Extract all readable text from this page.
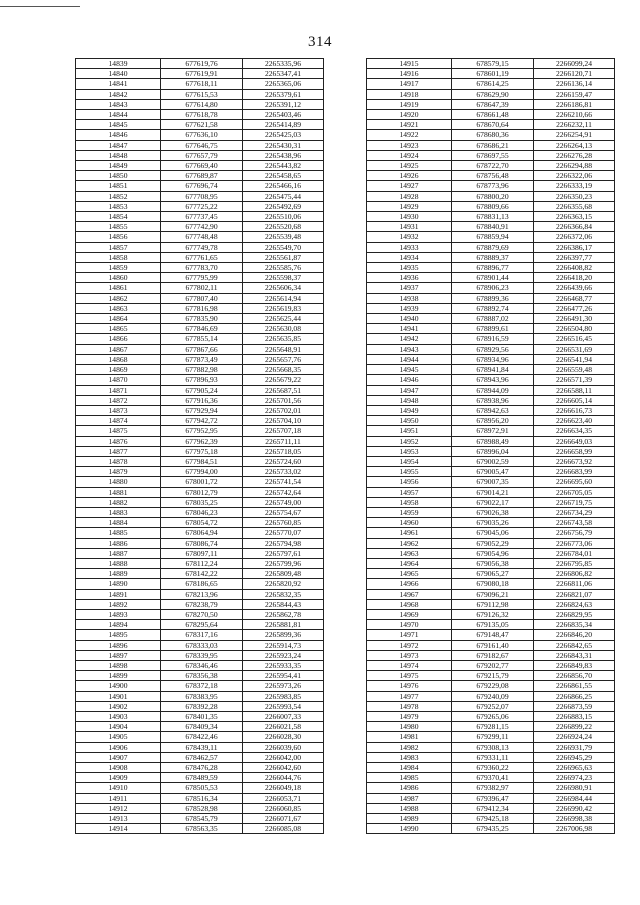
314
14839	677619,76	2265335,96
14840	677619,91	2265347,41
14841	677618,11	2265365,06
14842	677615,53	2265379,61
14843	677614,80	2265391,12
14844	677618,78	2265403,46
14845	677621,58	2265414,89
14846	677636,10	2265425,03
14847	677646,75	2265430,31
14848	677657,79	2265438,96
14849	677669,40	2265443,82
14850	677689,87	2265458,65
14851	677696,74	2265466,16
14852	677708,95	2265475,44
14853	677725,22	2265492,69
14854	677737,45	2265510,06
14855	677742,90	2265520,68
14856	677748,48	2265539,48
14857	677749,78	2265549,70
14858	677761,65	2265561,87
14859	677783,70	2265585,76
14860	677795,99	2265598,37
14861	677802,11	2265606,34
14862	677807,40	2265614,94
14863	677816,98	2265619,83
14864	677835,90	2265625,44
14865	677846,69	2265630,08
14866	677855,14	2265635,85
14867	677867,66	2265648,91
14868	677873,49	2265657,76
14869	677882,98	2265668,35
14870	677896,93	2265679,22
14871	677905,24	2265687,51
14872	677916,36	2265701,56
14873	677929,94	2265702,01
14874	677942,72	2265704,10
14875	677952,95	2265707,18
14876	677962,39	2265711,11
14877	677975,18	2265718,05
14878	677984,51	2265724,60
14879	677994,00	2265733,02
14880	678001,72	2265741,54
14881	678012,79	2265742,64
14882	678035,25	2265749,00
14883	678046,23	2265754,67
14884	678054,72	2265760,85
14885	678064,94	2265770,07
14886	678086,74	2265794,98
14887	678097,11	2265797,61
14888	678112,24	2265799,96
14889	678142,22	2265809,48
14890	678186,65	2265820,92
14891	678213,96	2265832,35
14892	678238,79	2265844,43
14893	678270,50	2265862,78
14894	678295,64	2265881,81
14895	678317,16	2265899,36
14896	678333,03	2265914,73
14897	678339,95	2265923,24
14898	678346,46	2265933,35
14899	678356,38	2265954,41
14900	678372,18	2265973,26
14901	678383,95	2265983,85
14902	678392,28	2265993,54
14903	678401,35	2266007,33
14904	678409,34	2266021,58
14905	678422,46	2266028,30
14906	678439,11	2266039,60
14907	678462,57	2266042,00
14908	678476,28	2266042,60
14909	678489,59	2266044,76
14910	678505,53	2266049,18
14911	678516,34	2266053,71
14912	678528,98	2266060,85
14913	678545,79	2266071,67
14914	678563,35	2266085,08
14915	678579,15	2266099,24
14916	678601,19	2266120,71
14917	678614,25	2266136,14
14918	678629,90	2266159,47
14919	678647,39	2266186,81
14920	678661,48	2266210,66
14921	678670,64	2266232,11
14922	678680,36	2266254,91
14923	678686,21	2266264,13
14924	678697,55	2266276,28
14925	678722,70	2266294,88
14926	678756,48	2266322,06
14927	678773,96	2266333,19
14928	678800,20	2266350,23
14929	678809,66	2266355,68
14930	678831,13	2266363,15
14931	678840,91	2266366,84
14932	678859,94	2266372,06
14933	678879,69	2266386,17
14934	678889,37	2266397,77
14935	678896,77	2266408,82
14936	678901,44	2266418,20
14937	678906,23	2266439,66
14938	678899,36	2266468,77
14939	678892,74	2266477,26
14940	678887,02	2266491,30
14941	678899,61	2266504,80
14942	678916,59	2266516,45
14943	678929,56	2266531,69
14944	678934,96	2266541,94
14945	678941,84	2266559,48
14946	678943,96	2266571,39
14947	678944,09	2266588,11
14948	678938,96	2266605,14
14949	678942,63	2266616,73
14950	678956,20	2266623,40
14951	678972,91	2266634,35
14952	678988,49	2266649,03
14953	678996,04	2266658,99
14954	679002,59	2266673,92
14955	679005,47	2266683,99
14956	679007,35	2266695,60
14957	679014,21	2266705,05
14958	679022,17	2266719,75
14959	679026,38	2266734,29
14960	679035,26	2266743,58
14961	679045,06	2266756,79
14962	679052,29	2266773,06
14963	679054,96	2266784,01
14964	679056,38	2266795,85
14965	679065,27	2266806,82
14966	679080,18	2266811,06
14967	679096,21	2266821,07
14968	679112,98	2266824,63
14969	679126,32	2266829,95
14970	679135,05	2266835,34
14971	679148,47	2266846,20
14972	679161,40	2266842,65
14973	679182,67	2266843,31
14974	679202,77	2266849,83
14975	679215,79	2266856,70
14976	679229,08	2266861,55
14977	679240,09	2266866,25
14978	679252,07	2266873,59
14979	679265,06	2266883,15
14980	679281,15	2266899,22
14981	679299,11	2266924,24
14982	679308,13	2266931,79
14983	679331,11	2266945,29
14984	679360,22	2266965,63
14985	679370,41	2266974,23
14986	679382,97	2266980,91
14987	679396,47	2266984,44
14988	679412,34	2266990,42
14989	679425,18	2266998,38
14990	679435,25	2267006,98
